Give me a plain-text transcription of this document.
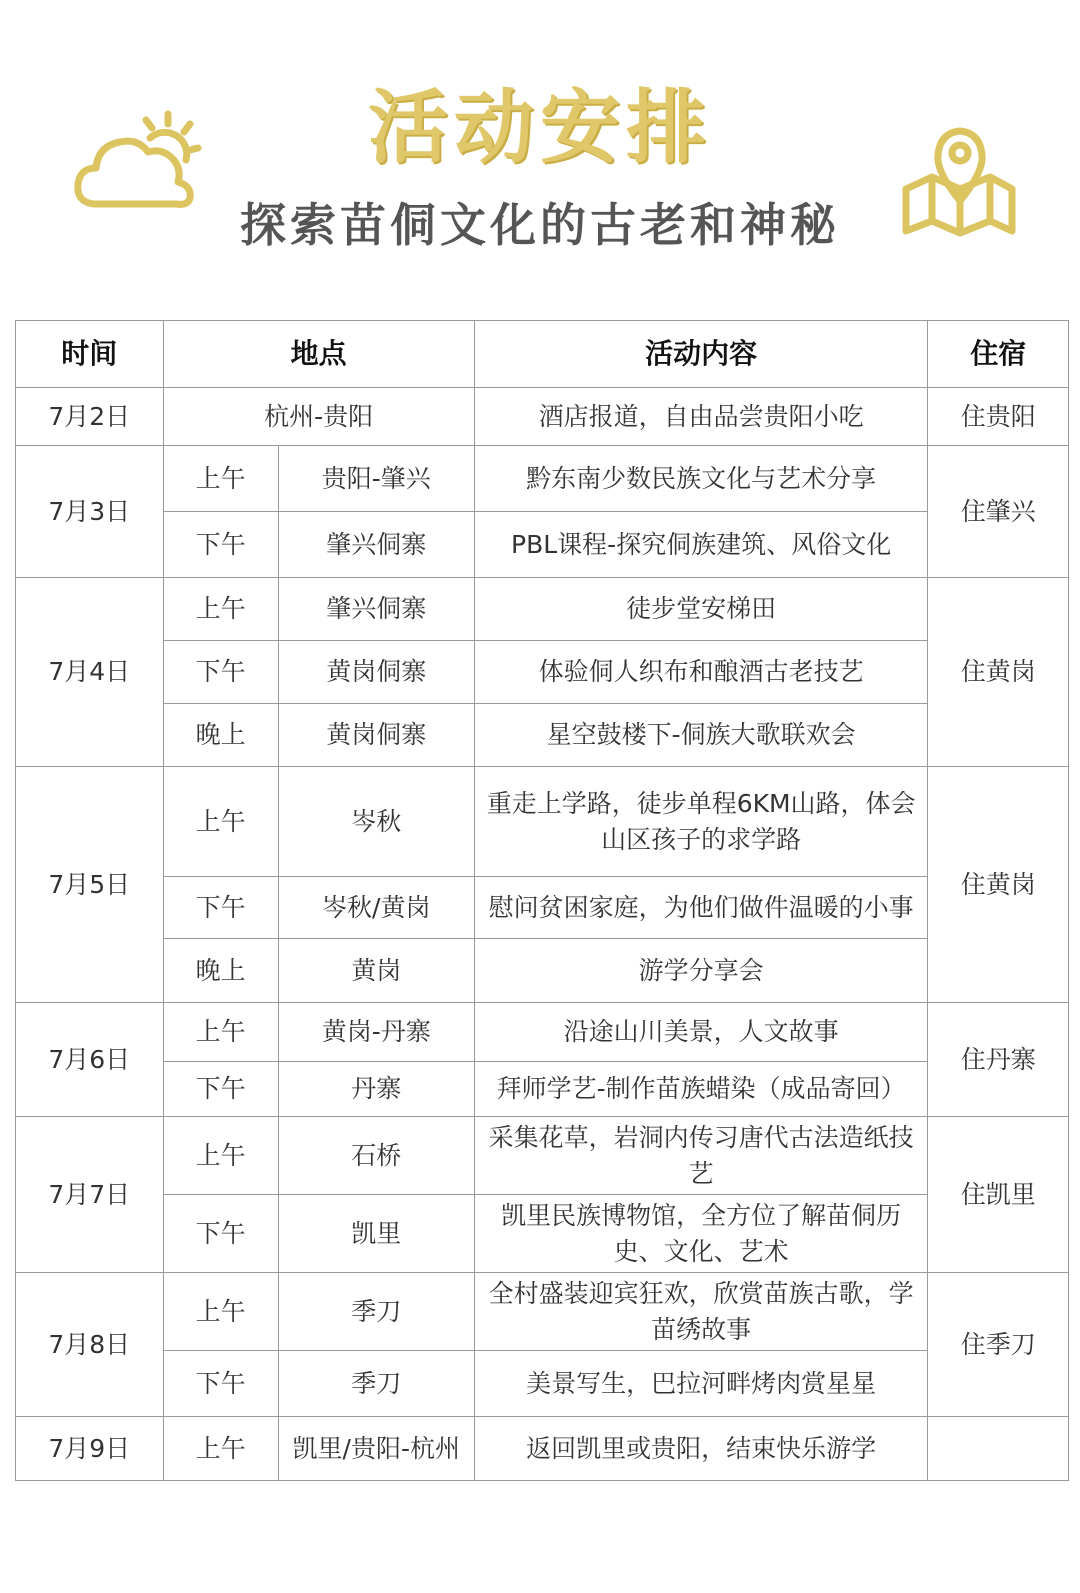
活动安排
探索苗侗文化的古老和神秘
时间	地点		活动内容	住宿
7月2日	杭州-贵阳		酒店报道，自由品尝贵阳小吃	住贵阳
7月3日	上午	贵阳-肇兴	黔东南少数民族文化与艺术分享	住肇兴
	下午	肇兴侗寨	PBL课程-探究侗族建筑、风俗文化	
7月4日	上午	肇兴侗寨	徒步堂安梯田	住黄岗
	下午	黄岗侗寨	体验侗人织布和酿酒古老技艺	
	晚上	黄岗侗寨	星空鼓楼下-侗族大歌联欢会	
7月5日	上午	岑秋	重走上学路，徒步单程6KM山路，体会山区孩子的求学路	住黄岗
	下午	岑秋/黄岗	慰问贫困家庭，为他们做件温暖的小事	
	晚上	黄岗	游学分享会	
7月6日	上午	黄岗-丹寨	沿途山川美景，人文故事	住丹寨
	下午	丹寨	拜师学艺-制作苗族蜡染（成品寄回）	
7月7日	上午	石桥	采集花草，岩洞内传习唐代古法造纸技艺	住凯里
	下午	凯里	凯里民族博物馆，全方位了解苗侗历史、文化、艺术	
7月8日	上午	季刀	全村盛装迎宾狂欢，欣赏苗族古歌，学苗绣故事	住季刀
	下午	季刀	美景写生，巴拉河畔烤肉赏星星	
7月9日	上午	凯里/贵阳-杭州	返回凯里或贵阳，结束快乐游学	
